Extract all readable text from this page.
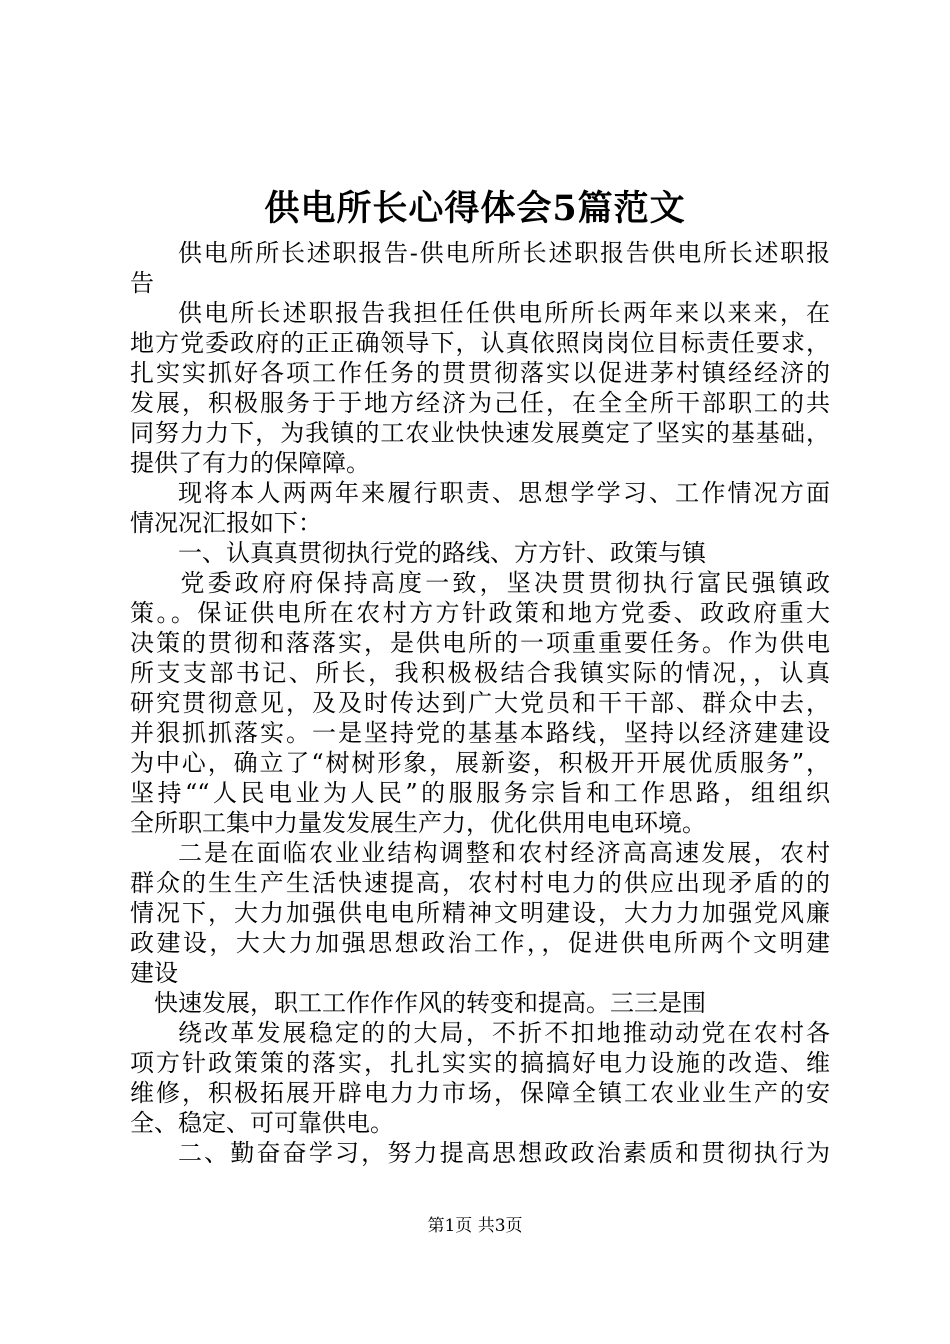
供电所长心得体会5篇范文
供电所所长述职报告-供电所所长述职报告供电所长述职报
告
供电所长述职报告我担任任供电所所长两年来以来来，在
地方党委政府的正正确领导下，认真依照岗岗位目标责任要求，
扎实实抓好各项工作任务的贯贯彻落实以促进茅村镇经经济的
发展，积极服务于于地方经济为己任，在全全所干部职工的共
同努力力下，为我镇的工农业快快速发展奠定了坚实的基基础，
提供了有力的保障障。
现将本人两两年来履行职责、思想学学习、工作情况方面
情况况汇报如下：
一、认真真贯彻执行党的路线、方方针、政策与镇
党委政府府保持高度一致，坚决贯贯彻执行富民强镇政
策。。保证供电所在农村方方针政策和地方党委、政政府重大
决策的贯彻和落落实，是供电所的一项重重要任务。作为供电
所支支部书记、所长，我积极极结合我镇实际的情况，，认真
研究贯彻意见，及及时传达到广大党员和干干部、群众中去，
并狠抓抓落实。一是坚持党的基基本路线，坚持以经济建建设
为中心，确立了“树树形象，展新姿，积极开开展优质服务”，
坚持““人民电业为人民”的服服务宗旨和工作思路，组组织
全所职工集中力量发发展生产力，优化供用电电环境。
二是在面临农业业结构调整和农村经济高高速发展，农村
群众的生生产生活快速提高，农村村电力的供应出现矛盾的的
情况下，大力加强供电电所精神文明建设，大力力加强党风廉
政建设，大大力加强思想政治工作，，促进供电所两个文明建
建设
快速发展，职工工作作作风的转变和提高。三三是围
绕改革发展稳定的的大局，不折不扣地推动动党在农村各
项方针政策策的落实，扎扎实实的搞搞好电力设施的改造、维
维修，积极拓展开辟电力力市场，保障全镇工农业业生产的安
全、稳定、可可靠供电。
二、勤奋奋学习，努力提高思想政政治素质和贯彻执行为
第1页 共3页
